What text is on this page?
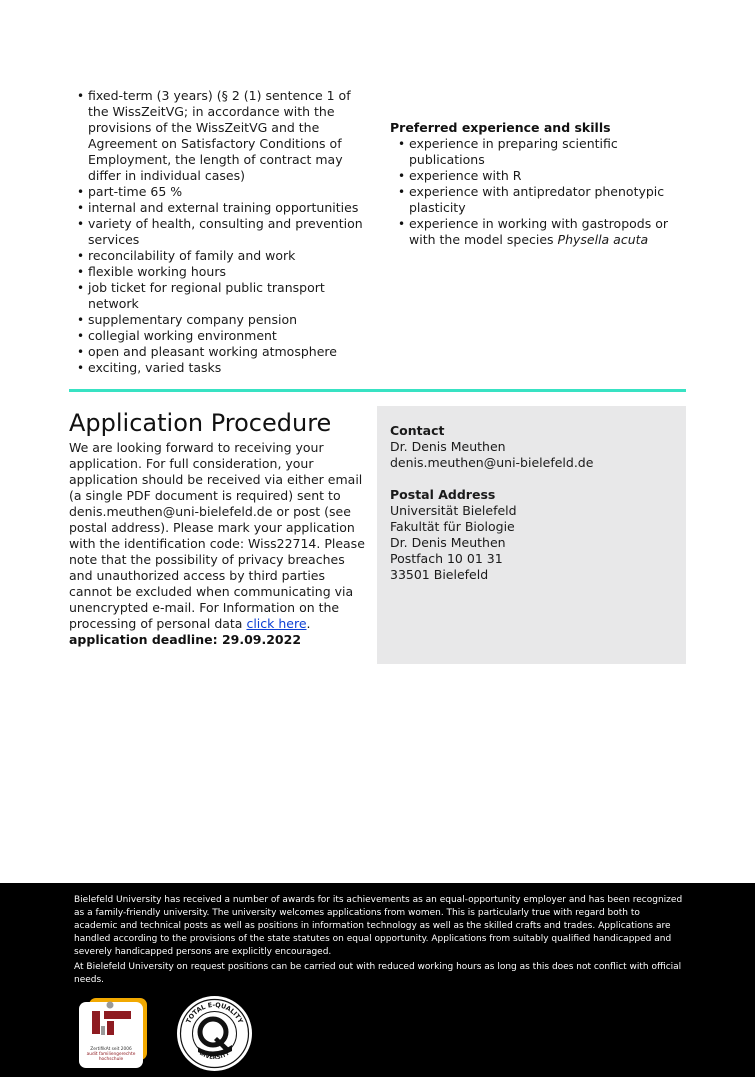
• fixed-term (3 years) (§ 2 (1) sentence 1 of the WissZeitVG; in accordance with the provisions of the WissZeitVG and the Agreement on Satisfactory Conditions of Employment, the length of contract may differ in individual cases)
• part-time 65 %
• internal and external training opportunities
• variety of health, consulting and prevention services
• reconcilability of family and work
• flexible working hours
• job ticket for regional public transport network
• supplementary company pension
• collegial working environment
• open and pleasant working atmosphere
• exciting, varied tasks

Preferred experience and skills

• experience in preparing scientific publications
• experience with R
• experience with antipredator phenotypic plasticity
• experience in working with gastropods or with the model species Physella acuta
Contact
Dr. Denis Meuthen
denis.meuthen@uni-bielefeld.de
Postal Address
Universität Bielefeld
Fakultät für Biologie
Dr. Denis Meuthen
Postfach 10 01 31
33501 Bielefeld
Application Procedure
We are looking forward to receiving your application. For full consideration, your application should be received via either email (a single PDF document is required) sent to denis.meuthen@uni-bielefeld.de or post (see postal address). Please mark your application with the identification code: Wiss22714. Please note that the possibility of privacy breaches and unauthorized access by third parties cannot be excluded when communicating via unencrypted e-mail. For Information on the processing of personal data click here.
application deadline: 29.09.2022

Bielefeld University has received a number of awards for its achievements as an equal-opportunity employer and has been recognized as a family-friendly university. The university welcomes applications from women. This is particularly true with regard both to academic and technical posts as well as positions in information technology as well as the skilled crafts and trades. Applications are handled according to the provisions of the state statutes on equal opportunity. Applications from suitably qualified handicapped and severely handicapped persons are explicitly encouraged.

At Bielefeld University on request positions can be carried out with reduced working hours as long as this does not conflict with official needs.

ZertifikAt seit 2006
audit familiengerechte
hochschule
TOTAL E-QUALITY
DIVERSITY
